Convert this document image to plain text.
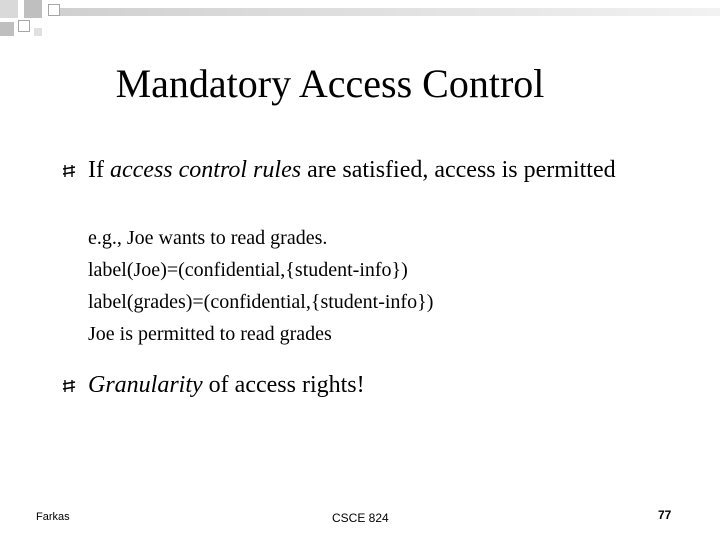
Mandatory Access Control
If access control rules are satisfied, access is permitted
e.g., Joe wants to read grades.
label(Joe)=(confidential,{student-info})
label(grades)=(confidential,{student-info})
Joe is permitted to read grades
Granularity of access rights!
Farkas	CSCE 824	77
